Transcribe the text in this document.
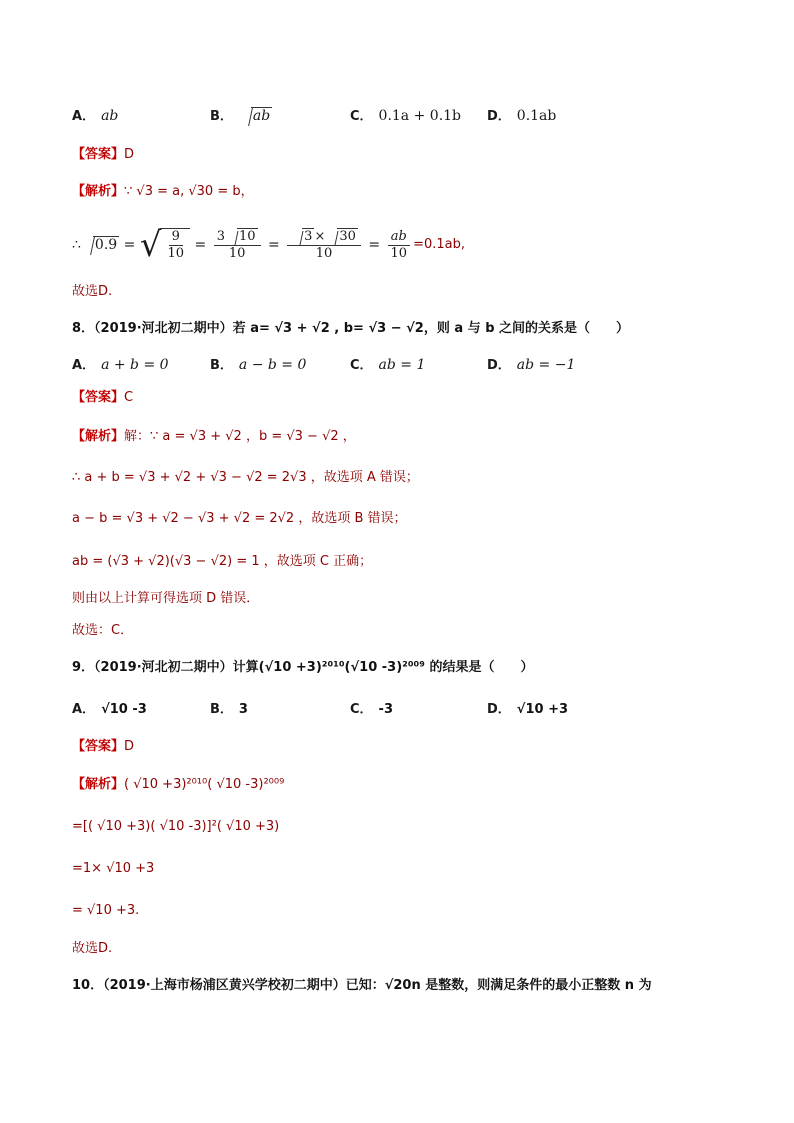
A． ab	B． ab	C． 0.1a + 0.1b D． 0.1ab
【答案】D
【解析】∵ √3 = a, √30 = b，
∴	0.9 = √ $\frac{9}{10} = \frac{3 10}{10} = \frac{3 \times 30}{10} = \frac{ab}{10} =0.1ab$,
故选D.
8．（2019·河北初二期中）若 a= √3 + √2 , b= √3 − √2，则 a 与 b 之间的关系是（　　）
A． a + b = 0	B． a − b = 0	C． ab = 1	D． ab = −1
【答案】C
【解析】解：∵ a = √3 + √2 ，b = √3 − √2 ，
∴ a + b = √3 + √2 + √3 − √2 = 2√3 ，故选项 A 错误；
a − b = √3 + √2 − √3 + √2 = 2√2 ，故选项 B 错误；
ab = (√3 + √2)(√3 − √2) = 1 ，故选项 C 正确；
则由以上计算可得选项 D 错误．
故选：C．
9．（2019·河北初二期中）计算(√10 +3)²⁰¹⁰(√10 -3)²⁰⁰⁹ 的结果是（　　）
A． √10 -3	B． 3	C． -3	D． √10 +3
【答案】D
【解析】( √10 +3)²⁰¹⁰( √10 -3)²⁰⁰⁹
=[( √10 +3)( √10 -3)]²( √10 +3)
=1× √10 +3
= √10 +3.
故选D.
10．（2019·上海市杨浦区黄兴学校初二期中）已知：√20n 是整数，则满足条件的最小正整数 n 为
